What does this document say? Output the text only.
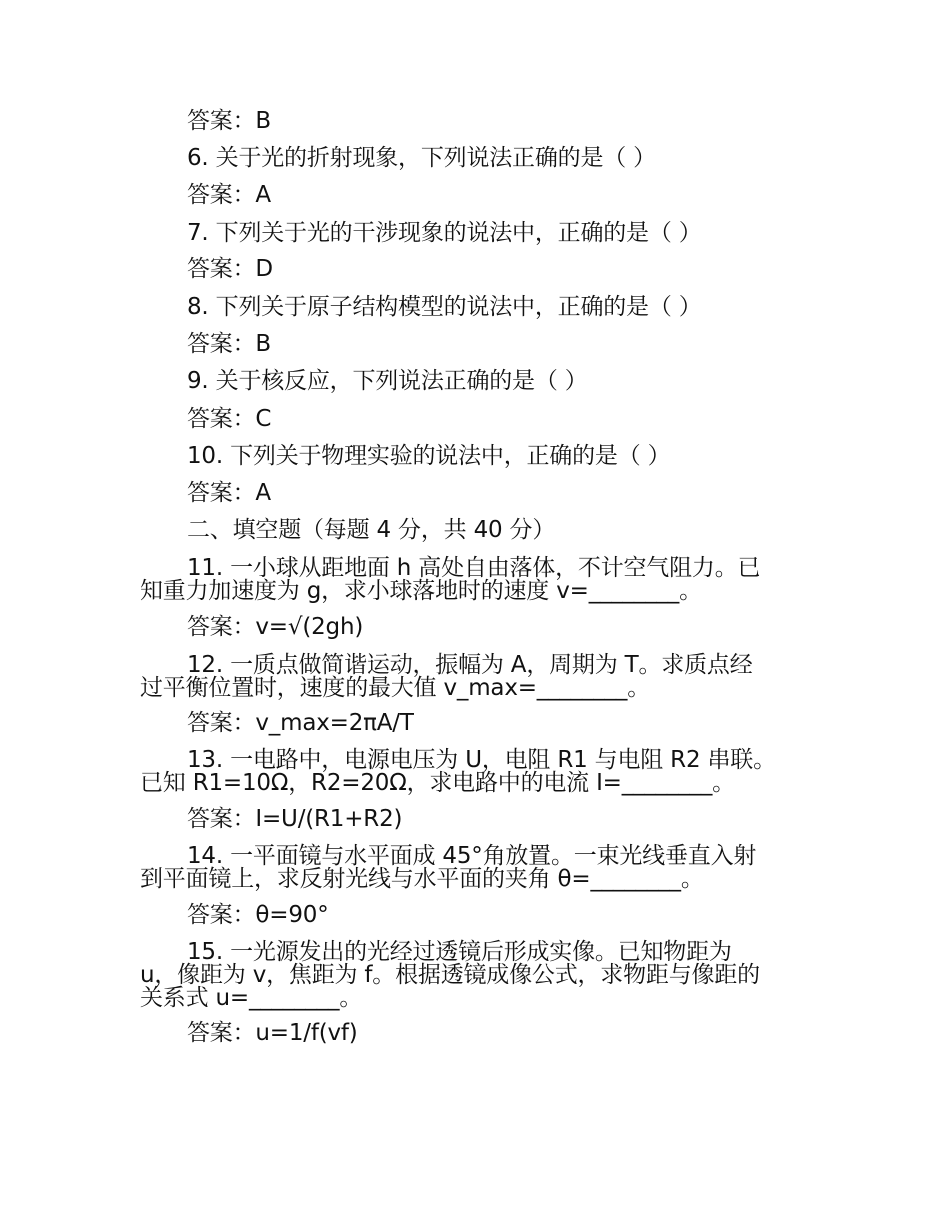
答案：B
6. 关于光的折射现象，下列说法正确的是（ ）
答案：A
7. 下列关于光的干涉现象的说法中，正确的是（ ）
答案：D
8. 下列关于原子结构模型的说法中，正确的是（ ）
答案：B
9. 关于核反应，下列说法正确的是（ ）
答案：C
10. 下列关于物理实验的说法中，正确的是（ ）
答案：A
二、填空题（每题 4 分，共 40 分）
11. 一小球从距地面 h 高处自由落体，不计空气阻力。已
知重力加速度为 g，求小球落地时的速度 v=________。
答案：v=√(2gh)
12. 一质点做简谐运动，振幅为 A，周期为 T。求质点经
过平衡位置时，速度的最大值 v_max=________。
答案：v_max=2πA/T
13. 一电路中，电源电压为 U，电阻 R1 与电阻 R2 串联。
已知 R1=10Ω，R2=20Ω，求电路中的电流 I=________。
答案：I=U/(R1+R2)
14. 一平面镜与水平面成 45°角放置。一束光线垂直入射
到平面镜上，求反射光线与水平面的夹角 θ=________。
答案：θ=90°
15. 一光源发出的光经过透镜后形成实像。已知物距为
u，像距为 v，焦距为 f。根据透镜成像公式，求物距与像距的
关系式 u=________。
答案：u=1/f(vf)
